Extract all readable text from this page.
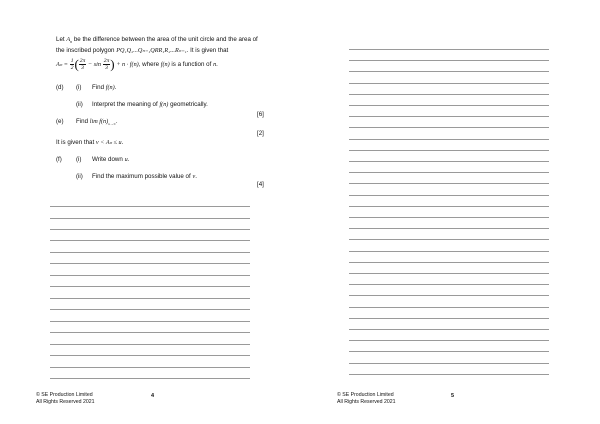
Let $A_n$ be the difference between the area of the unit circle and the area of
the inscribed polygon PQ₁Q₂...Qₙ₋₁QRR₁R₂...Rₙ₋₁. It is given that
$A_n = \frac{1}{2}$ ( $\frac{2\pi}{3} - \sin \frac{2\pi}{3}$ ) + n · f(n), where f(n) is a function of n.
(d) (i) Find f(n).
(ii) Interpret the meaning of f(n) geometrically.
[6]
(e) Find $\lim f(n)_{n\to\infty}$.
[2]
It is given that v < Aₙ ≤ u.
(f) (i) Write down u.
(ii) Find the maximum possible value of v.
[4]
© SE Production Limited
All Rights Reserved 2021
4	© SE Production Limited
All Rights Reserved 2021
5
